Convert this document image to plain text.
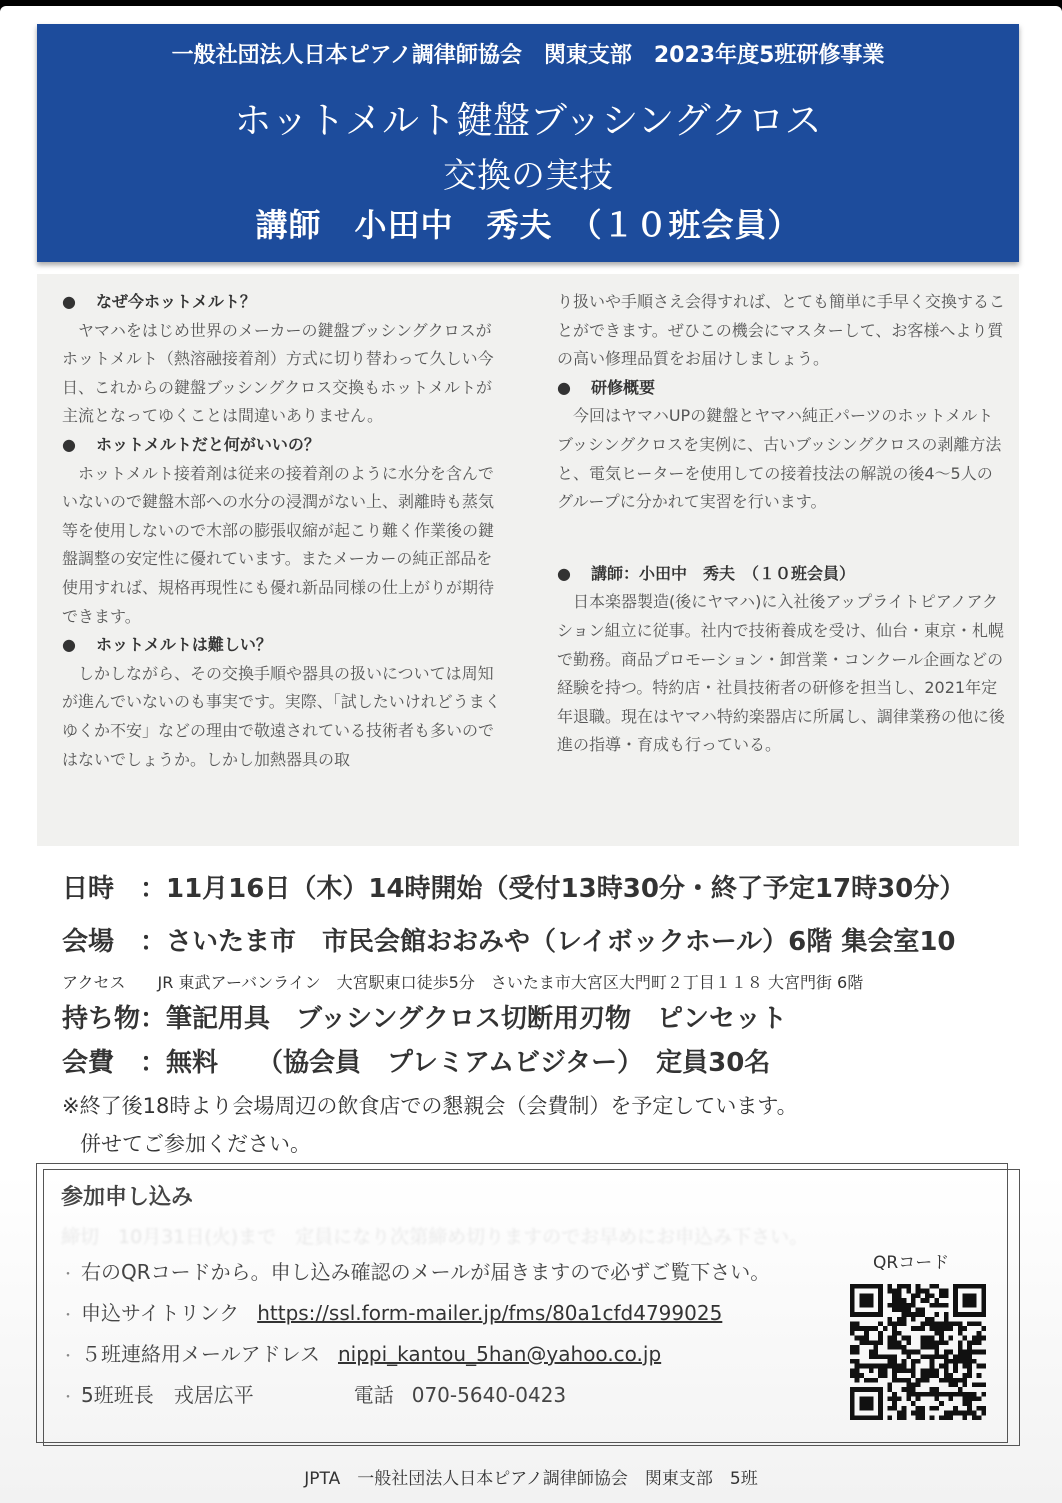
一般社団法人日本ピアノ調律師協会　関東支部　2023年度5班研修事業
ホットメルト鍵盤ブッシングクロス
交換の実技
講師　小田中　秀夫　（１０班会員）
● なぜ今ホットメルト？
ヤマハをはじめ世界のメーカーの鍵盤ブッシングクロスがホットメルト（熱溶融接着剤）方式に切り替わって久しい今日、これからの鍵盤ブッシングクロス交換もホットメルトが主流となってゆくことは間違いありません。
● ホットメルトだと何がいいの？
ホットメルト接着剤は従来の接着剤のように水分を含んでいないので鍵盤木部への水分の浸潤がない上、剥離時も蒸気等を使用しないので木部の膨張収縮が起こり難く作業後の鍵盤調整の安定性に優れています。またメーカーの純正部品を使用すれば、規格再現性にも優れ新品同様の仕上がりが期待できます。
● ホットメルトは難しい？
しかしながら、その交換手順や器具の扱いについては周知が進んでいないのも事実です。実際、「試したいけれどうまくゆくか不安」などの理由で敬遠されている技術者も多いのではないでしょうか。しかし加熱器具の取
り扱いや手順さえ会得すれば、とても簡単に手早く交換することができます。ぜひこの機会にマスターして、お客様へより質の高い修理品質をお届けしましょう。
● 研修概要
今回はヤマハUPの鍵盤とヤマハ純正パーツのホットメルトブッシングクロスを実例に、古いブッシングクロスの剥離方法と、電気ヒーターを使用しての接着技法の解説の後4〜5人のグループに分かれて実習を行います。
● 講師：小田中　秀夫　（１０班会員）
日本楽器製造(後にヤマハ)に入社後アップライトピアノアクション組立に従事。社内で技術養成を受け、仙台・東京・札幌で勤務。商品プロモーション・卸営業・コンクール企画などの経験を持つ。特約店・社員技術者の研修を担当し、2021年定年退職。現在はヤマハ特約楽器店に所属し、調律業務の他に後進の指導・育成も行っている。
日時　：11月16日（木）14時開始（受付13時30分・終了予定17時30分）
会場　：さいたま市　市民会館おおみや（レイボックホール）6階 集会室10
アクセス　　JR 東武アーバンライン　大宮駅東口徒歩5分　さいたま市大宮区大門町２丁目１１８ 大宮門街 6階
持ち物：筆記用具　ブッシングクロス切断用刃物　ピンセット
会費　：無料　　（協会員　プレミアムビジター）　定員30名
※終了後18時より会場周辺の飲食店での懇親会（会費制）を予定しています。
併せてご参加ください。
参加申し込み
締切　10月31日(火)まで　定員になり次第締め切りますのでお早めにお申込み下さい。
・ 右のQRコードから。申し込み確認のメールが届きますので必ずご覧下さい。
・ 申込サイトリンク https://ssl.form-mailer.jp/fms/80a1cfd4799025
・ ５班連絡用メールアドレス nippi_kantou_5han@yahoo.co.jp
・ 5班班長　戎居広平	電話 070-5640-0423
QRコード
JPTA　一般社団法人日本ピアノ調律師協会　関東支部　5班
